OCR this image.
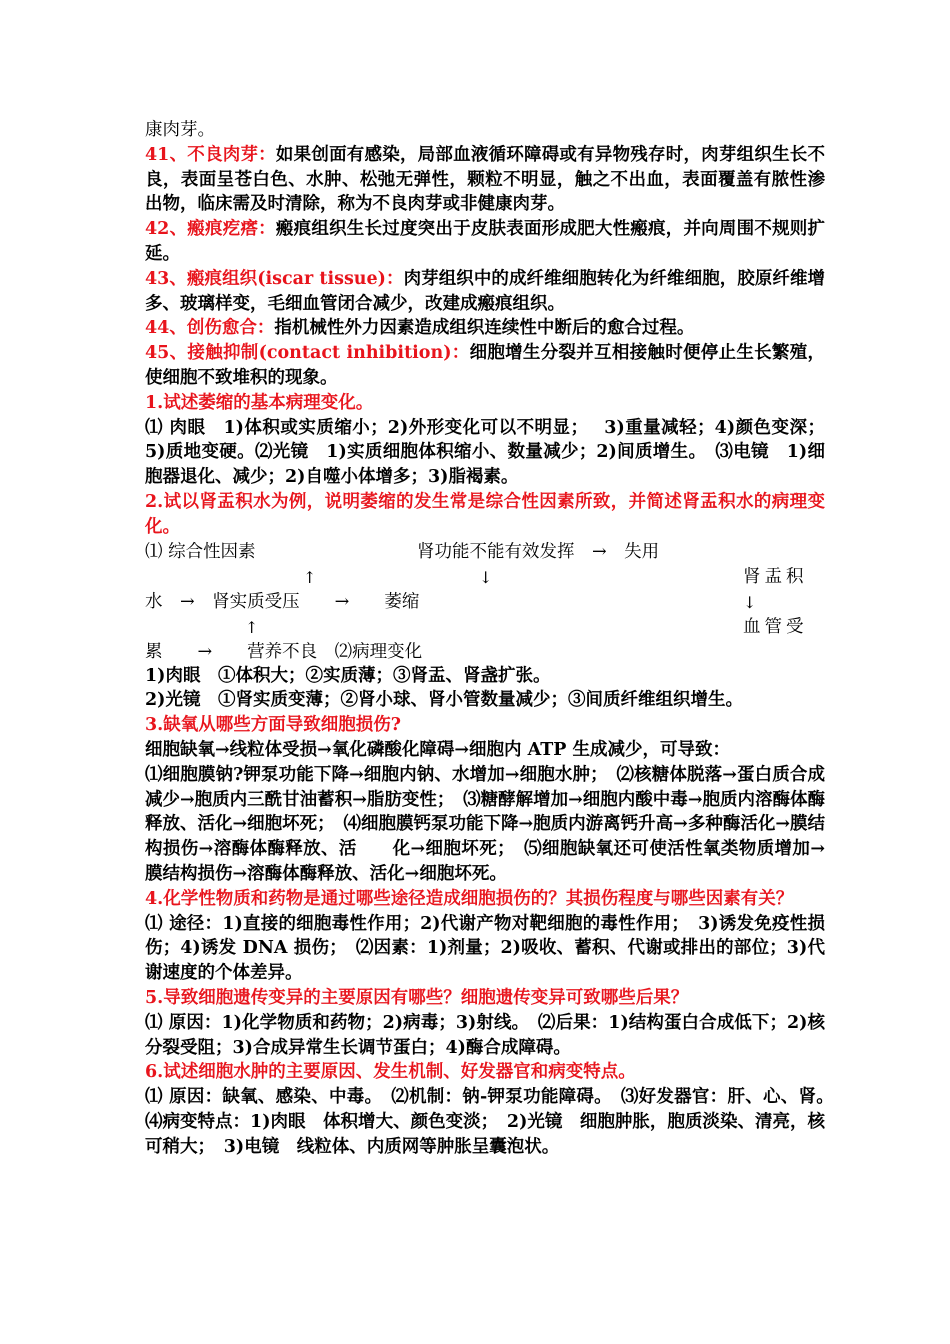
康肉芽。

41、不良肉芽：如果创面有感染，局部血液循环障碍或有异物残存时，肉芽组织生长不良，表面呈苍白色、水肿、松弛无弹性，颗粒不明显，触之不出血，表面覆盖有脓性渗出物，临床需及时清除，称为不良肉芽或非健康肉芽。

42、瘢痕疙瘩：瘢痕组织生长过度突出于皮肤表面形成肥大性瘢痕，并向周围不规则扩延。

43、瘢痕组织(iscar tissue)：肉芽组织中的成纤维细胞转化为纤维细胞，胶原纤维增多、玻璃样变，毛细血管闭合减少，改建成瘢痕组织。

44、创伤愈合：指机械性外力因素造成组织连续性中断后的愈合过程。

45、接触抑制(contact inhibition)：细胞增生分裂并互相接触时便停止生长繁殖，使细胞不致堆积的现象。

1.试述萎缩的基本病理变化。

⑴ 肉眼　1)体积或实质缩小；2)外形变化可以不明显；　 3)重量减轻；4)颜色变深；5)质地变硬。⑵光镜　1)实质细胞体积缩小、数量减少；2)间质增生。　⑶电镜　1)细胞器退化、减少；2)自噬小体增多；3)脂褐素。

2.试以肾盂积水为例，说明萎缩的发生常是综合性因素所致，并简述肾盂积水的病理变化。

⑴ 综合性因素	肾功能不能有效发挥　→　失用
↑	↓	肾盂积
水　→　肾实质受压　　→　　萎缩	↓
↑	血管受
累　　→　　营养不良　⑵病理变化

1)肉眼　①体积大；②实质薄；③肾盂、肾盏扩张。

2)光镜　①肾实质变薄；②肾小球、肾小管数量减少；③间质纤维组织增生。

3.缺氧从哪些方面导致细胞损伤?

细胞缺氧→线粒体受损→氧化磷酸化障碍→细胞内 ATP 生成减少，可导致：

⑴细胞膜钠?钾泵功能下降→细胞内钠、水增加→细胞水肿；　⑵核糖体脱落→蛋白质合成减少→胞质内三酰甘油蓄积→脂肪变性；　⑶糖酵解增加→细胞内酸中毒→胞质内溶酶体酶释放、活化→细胞坏死；　⑷细胞膜钙泵功能下降→胞质内游离钙升高→多种酶活化→膜结构损伤→溶酶体酶释放、活　　化→细胞坏死；　⑸细胞缺氧还可使活性氧类物质增加→膜结构损伤→溶酶体酶释放、活化→细胞坏死。

4.化学性物质和药物是通过哪些途径造成细胞损伤的？其损伤程度与哪些因素有关？

⑴ 途径：1)直接的细胞毒性作用；2)代谢产物对靶细胞的毒性作用；　3)诱发免疫性损伤；4)诱发 DNA 损伤；　⑵因素：1)剂量；2)吸收、蓄积、代谢或排出的部位；3)代谢速度的个体差异。

5.导致细胞遗传变异的主要原因有哪些？细胞遗传变异可致哪些后果？

⑴ 原因：1)化学物质和药物；2)病毒；3)射线。　⑵后果：1)结构蛋白合成低下；2)核分裂受阻；3)合成异常生长调节蛋白；4)酶合成障碍。

6.试述细胞水肿的主要原因、发生机制、好发器官和病变特点。

⑴ 原因：缺氧、感染、中毒。　⑵机制：钠-钾泵功能障碍。　⑶好发器官：肝、心、肾。　⑷病变特点：1)肉眼　体积增大、颜色变淡；　2)光镜　细胞肿胀，胞质淡染、清亮，核可稍大；　3)电镜　线粒体、内质网等肿胀呈囊泡状。
